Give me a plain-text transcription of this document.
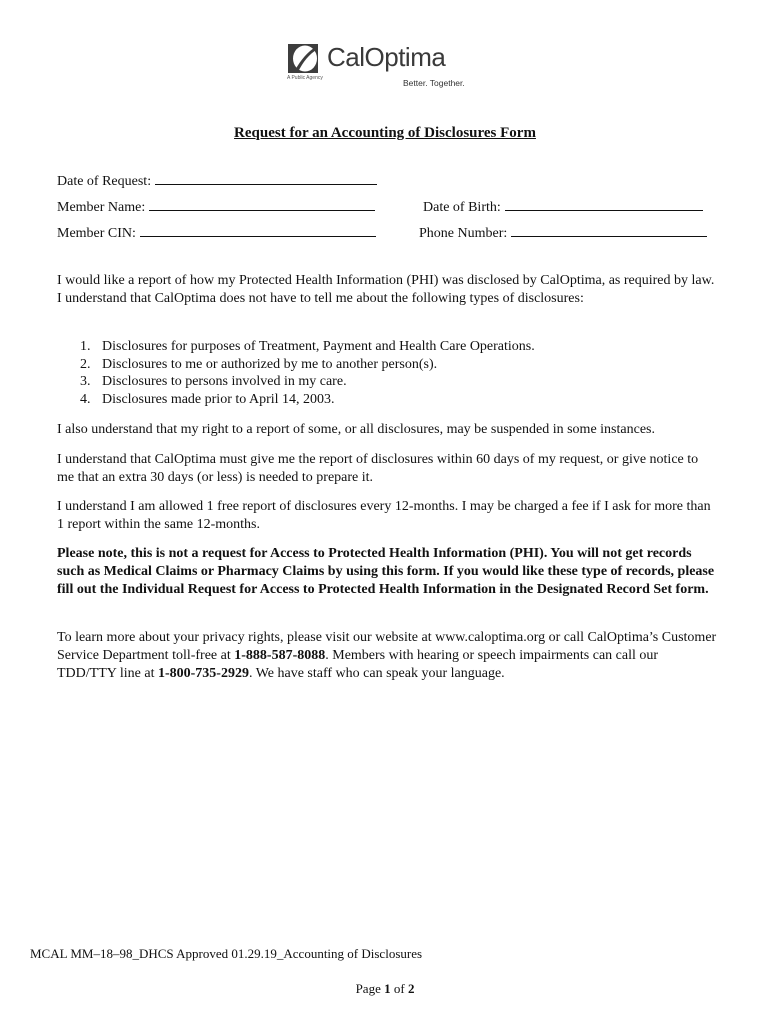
CalOptima
A Public Agency	Better. Together.
Request for an Accounting of Disclosures Form
Date of Request:
Member Name:	Date of Birth:
Member CIN:	Phone Number:
I would like a report of how my Protected Health Information (PHI) was disclosed by CalOptima, as required by law. I understand that CalOptima does not have to tell me about the following types of disclosures:
1. Disclosures for purposes of Treatment, Payment and Health Care Operations.
2. Disclosures to me or authorized by me to another person(s).
3. Disclosures to persons involved in my care.
4. Disclosures made prior to April 14, 2003.
I also understand that my right to a report of some, or all disclosures, may be suspended in some instances.
I understand that CalOptima must give me the report of disclosures within 60 days of my request, or give notice to me that an extra 30 days (or less) is needed to prepare it.
I understand I am allowed 1 free report of disclosures every 12-months. I may be charged a fee if I ask for more than 1 report within the same 12-months.
Please note, this is not a request for Access to Protected Health Information (PHI). You will not get records such as Medical Claims or Pharmacy Claims by using this form. If you would like these type of records, please fill out the Individual Request for Access to Protected Health Information in the Designated Record Set form.
To learn more about your privacy rights, please visit our website at www.caloptima.org or call CalOptima’s Customer Service Department toll-free at 1-888-587-8088. Members with hearing or speech impairments can call our TDD/TTY line at 1-800-735-2929. We have staff who can speak your language.
MCAL MM–18–98_DHCS Approved 01.29.19_Accounting of Disclosures
Page 1 of 2
